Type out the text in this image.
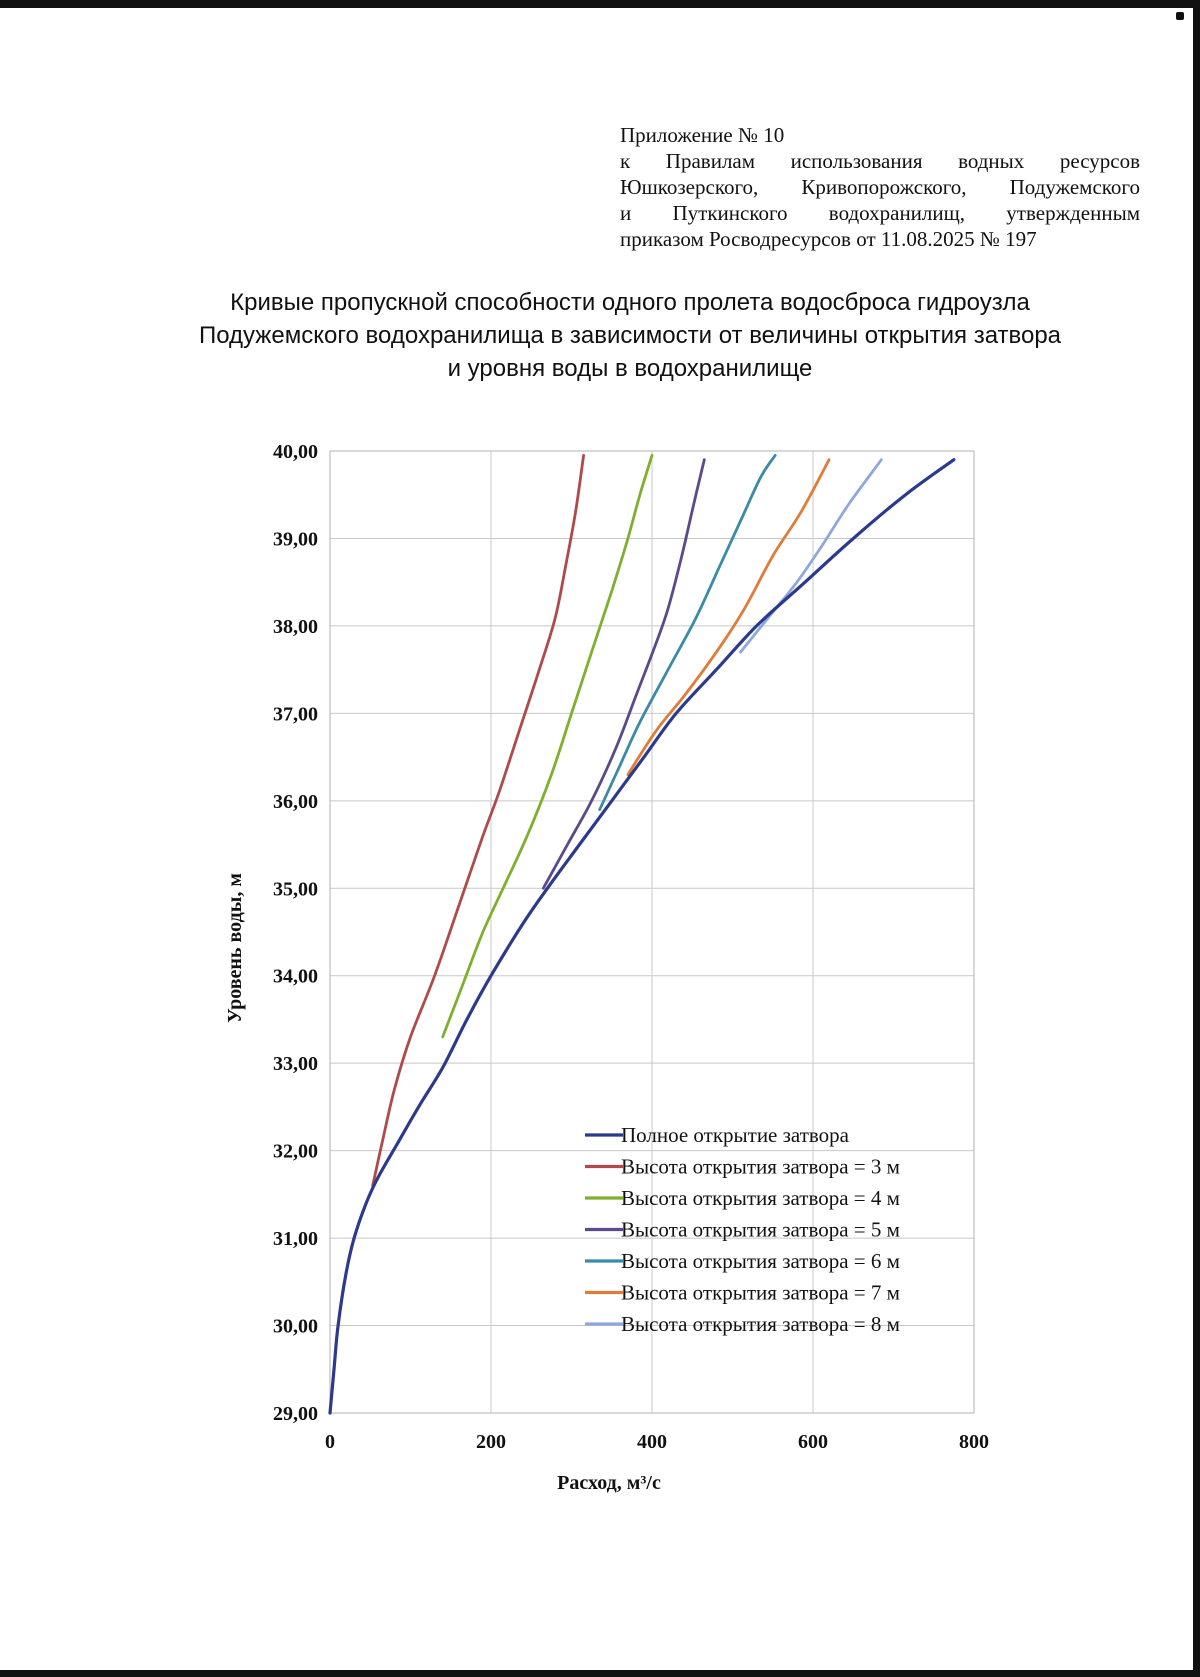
Приложение № 10
к Правилам использования водных ресурсов
Юшкозерского, Кривопорожского, Подужемского
и Путкинского водохранилищ, утвержденным
приказом Росводресурсов от 11.08.2025 № 197
Кривые пропускной способности одного пролета водосброса гидроузла
Подужемского водохранилища в зависимости от величины открытия затвора
и уровня воды в водохранилище
29,00
30,00
31,00
32,00
33,00
34,00
35,00
36,00
37,00
38,00
39,00
40,00
0	200	400	600	800
Полное открытие затвора
Высота открытия затвора = 3 м
Высота открытия затвора = 4 м
Высота открытия затвора = 5 м
Высота открытия затвора = 6 м
Высота открытия затвора = 7 м
Высота открытия затвора = 8 м
Расход, м³/с
Уровень воды, м
